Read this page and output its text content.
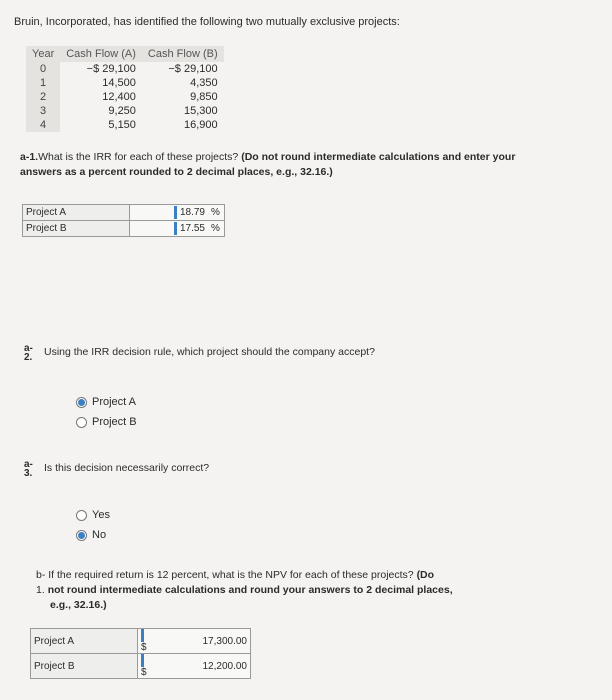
Bruin, Incorporated, has identified the following two mutually exclusive projects:
Year	Cash Flow (A)	Cash Flow (B)
0	−$ 29,100	−$ 29,100
1	14,500	4,350
2	12,400	9,850
3	9,250	15,300
4	5,150	16,900
a-1.What is the IRR for each of these projects? (Do not round intermediate calculations and enter your answers as a percent rounded to 2 decimal places, e.g., 32.16.)
Project A	18.79	%
Project B	17.55	%
a-
2. Using the IRR decision rule, which project should the company accept?
Project A
Project B
a-
3. Is this decision necessarily correct?
Yes
No
b- If the required return is 12 percent, what is the NPV for each of these projects? (Do
1. not round intermediate calculations and round your answers to 2 decimal places,
e.g., 32.16.)
Project A	$	17,300.00
Project B	$	12,200.00
